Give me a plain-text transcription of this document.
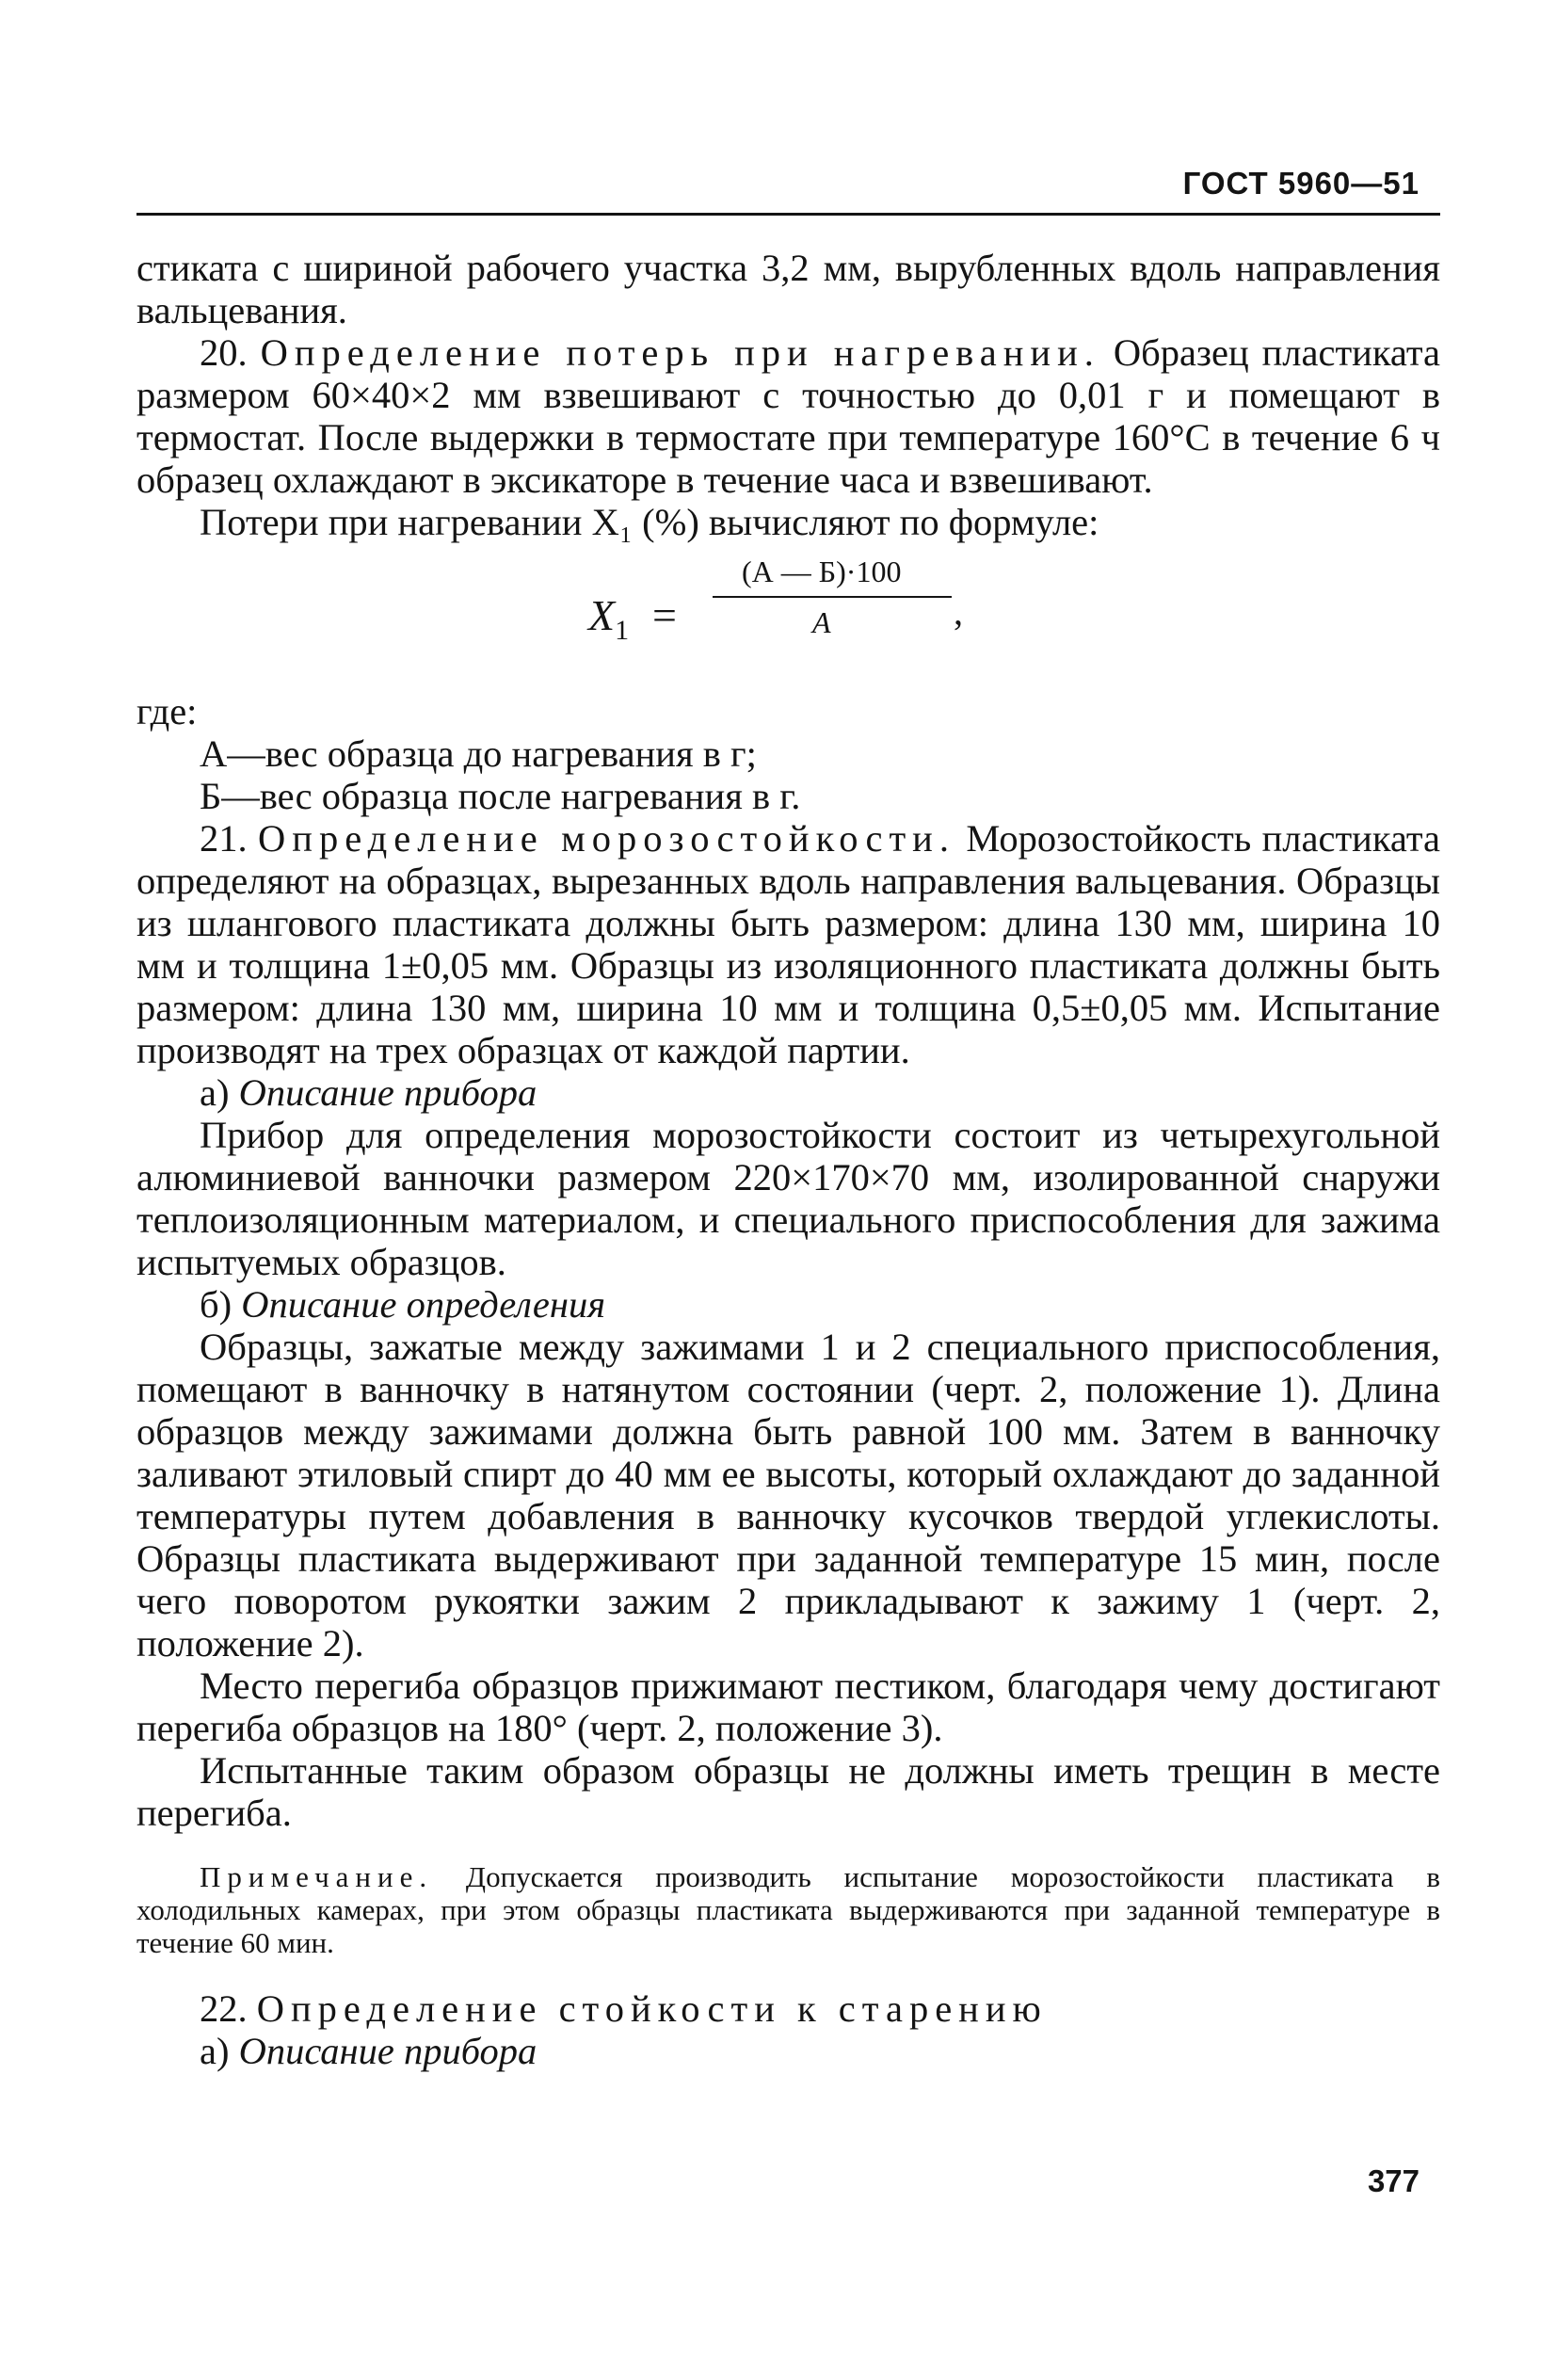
ГОСТ 5960—51

стиката с шириной рабочего участка 3,2 мм, вырубленных вдоль направления вальцевания.

20. Определение потерь при нагревании. Образец пластиката размером 60×40×2 мм взвешивают с точностью до 0,01 г и помещают в термостат. После выдержки в термостате при температуре 160°С в течение 6 ч образец охлаждают в эксикаторе в течение часа и взвешивают.

Потери при нагревании X₁ (%) вычисляют по формуле:

$X_1$ =
(А — Б)·100
А	,

где:

А—вес образца до нагревания в г;

Б—вес образца после нагревания в г.

21. Определение морозостойкости. Морозостойкость пластиката определяют на образцах, вырезанных вдоль направления вальцевания. Образцы из шлангового пластиката должны быть размером: длина 130 мм, ширина 10 мм и толщина 1±0,05 мм. Образцы из изоляционного пластиката должны быть размером: длина 130 мм, ширина 10 мм и толщина 0,5±0,05 мм. Испытание производят на трех образцах от каждой партии.

а) Описание прибора

Прибор для определения морозостойкости состоит из четырехугольной алюминиевой ванночки размером 220×170×70 мм, изолированной снаружи теплоизоляционным материалом, и специального приспособления для зажима испытуемых образцов.

б) Описание определения

Образцы, зажатые между зажимами 1 и 2 специального приспособления, помещают в ванночку в натянутом состоянии (черт. 2, положение 1). Длина образцов между зажимами должна быть равной 100 мм. Затем в ванночку заливают этиловый спирт до 40 мм ее высоты, который охлаждают до заданной температуры путем добавления в ванночку кусочков твердой углекислоты. Образцы пластиката выдерживают при заданной температуре 15 мин, после чего поворотом рукоятки зажим 2 прикладывают к зажиму 1 (черт. 2, положение 2).

Место перегиба образцов прижимают пестиком, благодаря чему достигают перегиба образцов на 180° (черт. 2, положение 3).

Испытанные таким образом образцы не должны иметь трещин в месте перегиба.

Примечание. Допускается производить испытание морозостойкости пластиката в холодильных камерах, при этом образцы пластиката выдерживаются при заданной температуре в течение 60 мин.

22. Определение стойкости к старению

а) Описание прибора

377
